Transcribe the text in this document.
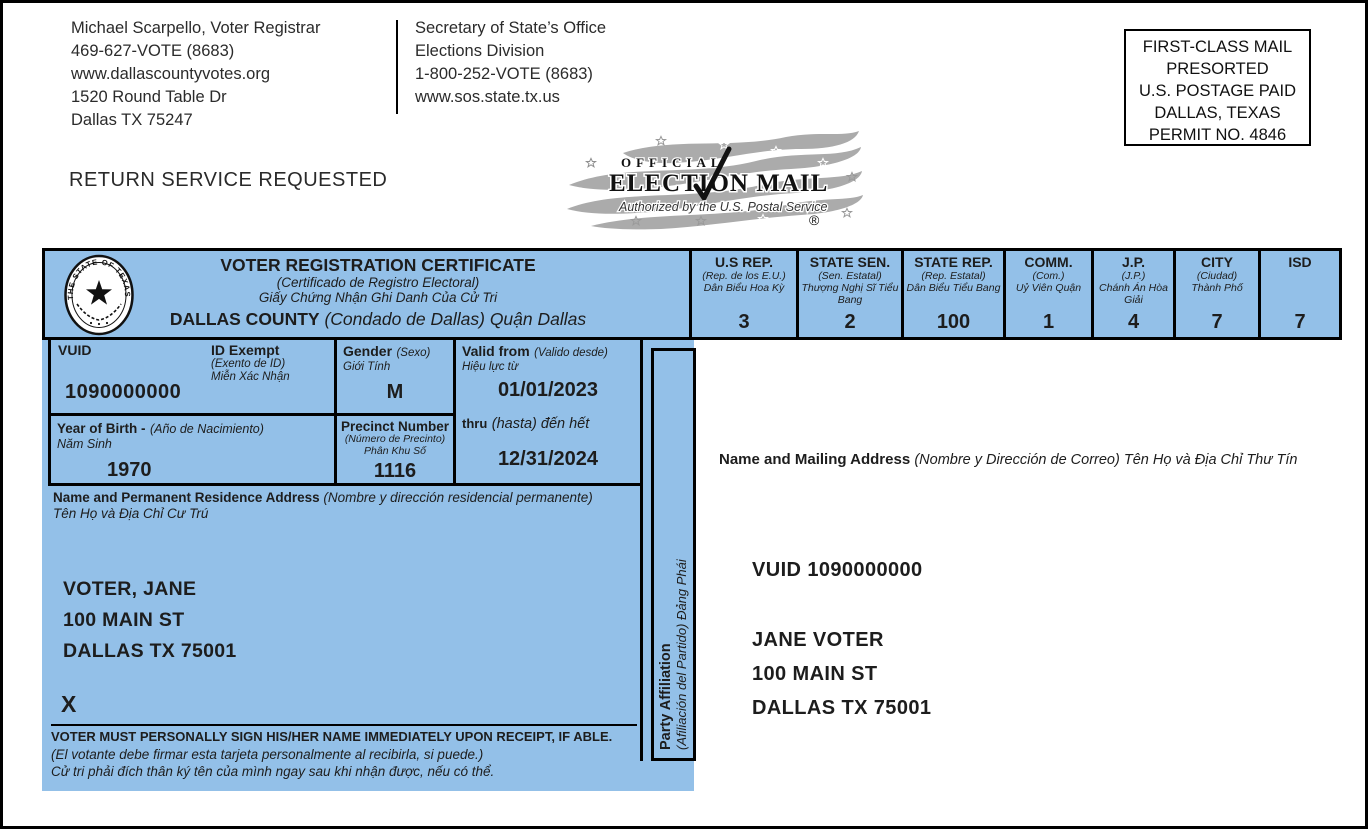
Michael Scarpello, Voter Registrar
469-627-VOTE (8683)
www.dallascountyvotes.org
1520 Round Table Dr
Dallas TX 75247
Secretary of State’s Office
Elections Division
1-800-252-VOTE (8683)
www.sos.state.tx.us
FIRST-CLASS MAIL
PRESORTED
U.S. POSTAGE PAID
DALLAS, TEXAS
PERMIT NO. 4846
RETURN SERVICE REQUESTED
OFFICIAL
ELECTION MAIL
Authorized by the U.S. Postal Service
®
THE STATE OF TEXAS
VOTER REGISTRATION CERTIFICATE
(Certificado de Registro Electoral)
Giấy Chứng Nhận Ghi Danh Của Cử Tri
DALLAS COUNTY (Condado de Dallas) Quận Dallas
U.S REP.
(Rep. de los E.U.)
Dân Biểu Hoa Kỳ
3
STATE SEN.
(Sen. Estatal)
Thượng Nghị Sĩ Tiểu Bang
2
STATE REP.
(Rep. Estatal)
Dân Biểu Tiểu Bang
100
COMM.
(Com.)
Uỷ Viên Quận
1
J.P.
(J.P.)
Chánh Án Hòa Giải
4
CITY
(Ciudad)
Thành Phố
7
ISD
7
VUID	ID Exempt
(Exento de ID)
Miễn Xác Nhận
1090000000
Gender (Sexo)
Giới Tính
M
Valid from (Valido desde)
Hiệu lực từ
01/01/2023
thru (hasta) đến hết
12/31/2024
Year of Birth - (Año de Nacimiento)
Năm Sinh
1970
Precinct Number
(Número de Precinto)
Phân Khu Số
1116
Name and Permanent Residence Address (Nombre y dirección residencial permanente)
Tên Họ và Địa Chỉ Cư Trú
VOTER, JANE
100 MAIN ST
DALLAS TX 75001
X
VOTER MUST PERSONALLY SIGN HIS/HER NAME IMMEDIATELY UPON RECEIPT, IF ABLE.
(El votante debe firmar esta tarjeta personalmente al recibirla, si puede.)
Cử tri phải đích thân ký tên của mình ngay sau khi nhận được, nếu có thể.
Party Affiliation (Afiliación del Partido) Đảng Phái
Name and Mailing Address (Nombre y Dirección de Correo) Tên Họ và Địa Chỉ Thư Tín
VUID 1090000000
JANE VOTER
100 MAIN ST
DALLAS TX 75001
